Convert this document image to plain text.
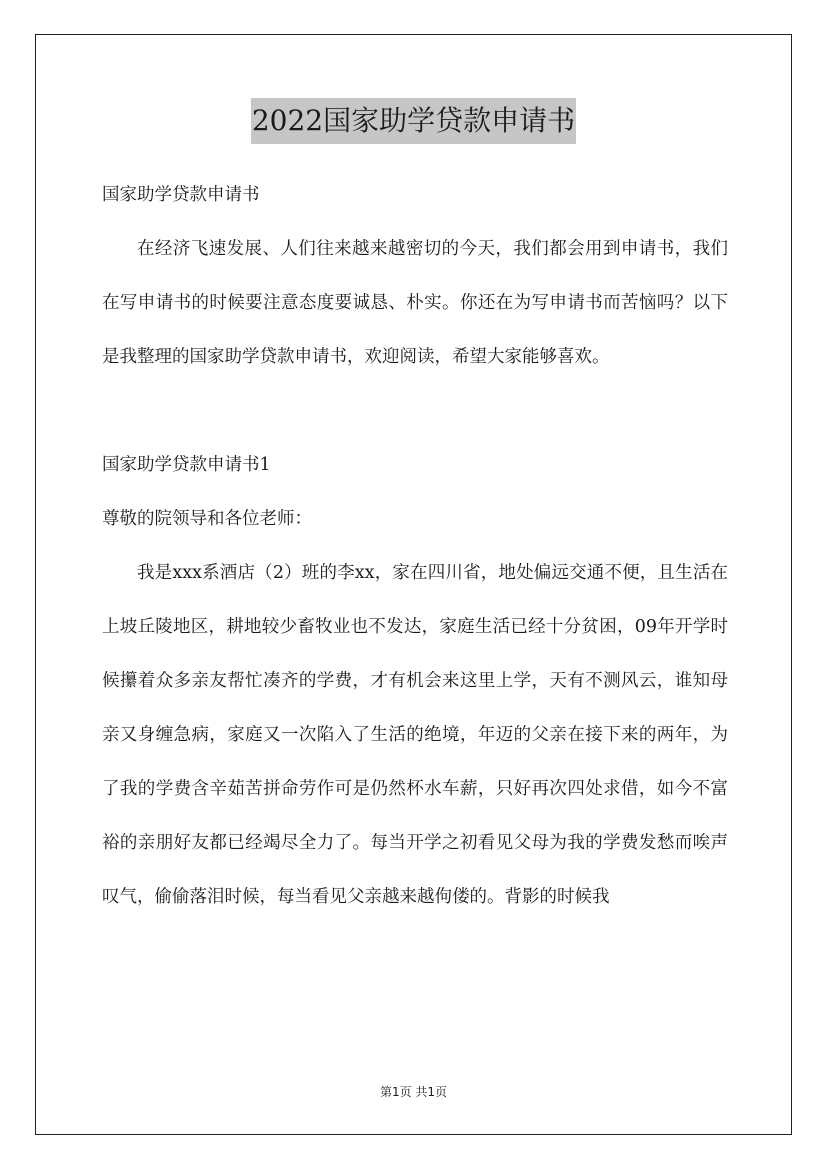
2022国家助学贷款申请书

国家助学贷款申请书

在经济飞速发展、人们往来越来越密切的今天，我们都会用到申请书，我们在写申请书的时候要注意态度要诚恳、朴实。你还在为写申请书而苦恼吗？以下是我整理的国家助学贷款申请书，欢迎阅读，希望大家能够喜欢。

国家助学贷款申请书1

尊敬的院领导和各位老师：

我是xxx系酒店（2）班的李xx，家在四川省，地处偏远交通不便，且生活在上坡丘陵地区，耕地较少畜牧业也不发达，家庭生活已经十分贫困，09年开学时候攥着众多亲友帮忙凑齐的学费，才有机会来这里上学，天有不测风云，谁知母亲又身缠急病，家庭又一次陷入了生活的绝境，年迈的父亲在接下来的两年，为了我的学费含辛茹苦拼命劳作可是仍然杯水车薪，只好再次四处求借，如今不富裕的亲朋好友都已经竭尽全力了。每当开学之初看见父母为我的学费发愁而唉声叹气，偷偷落泪时候，每当看见父亲越来越佝偻的。背影的时候我

第1页 共1页
